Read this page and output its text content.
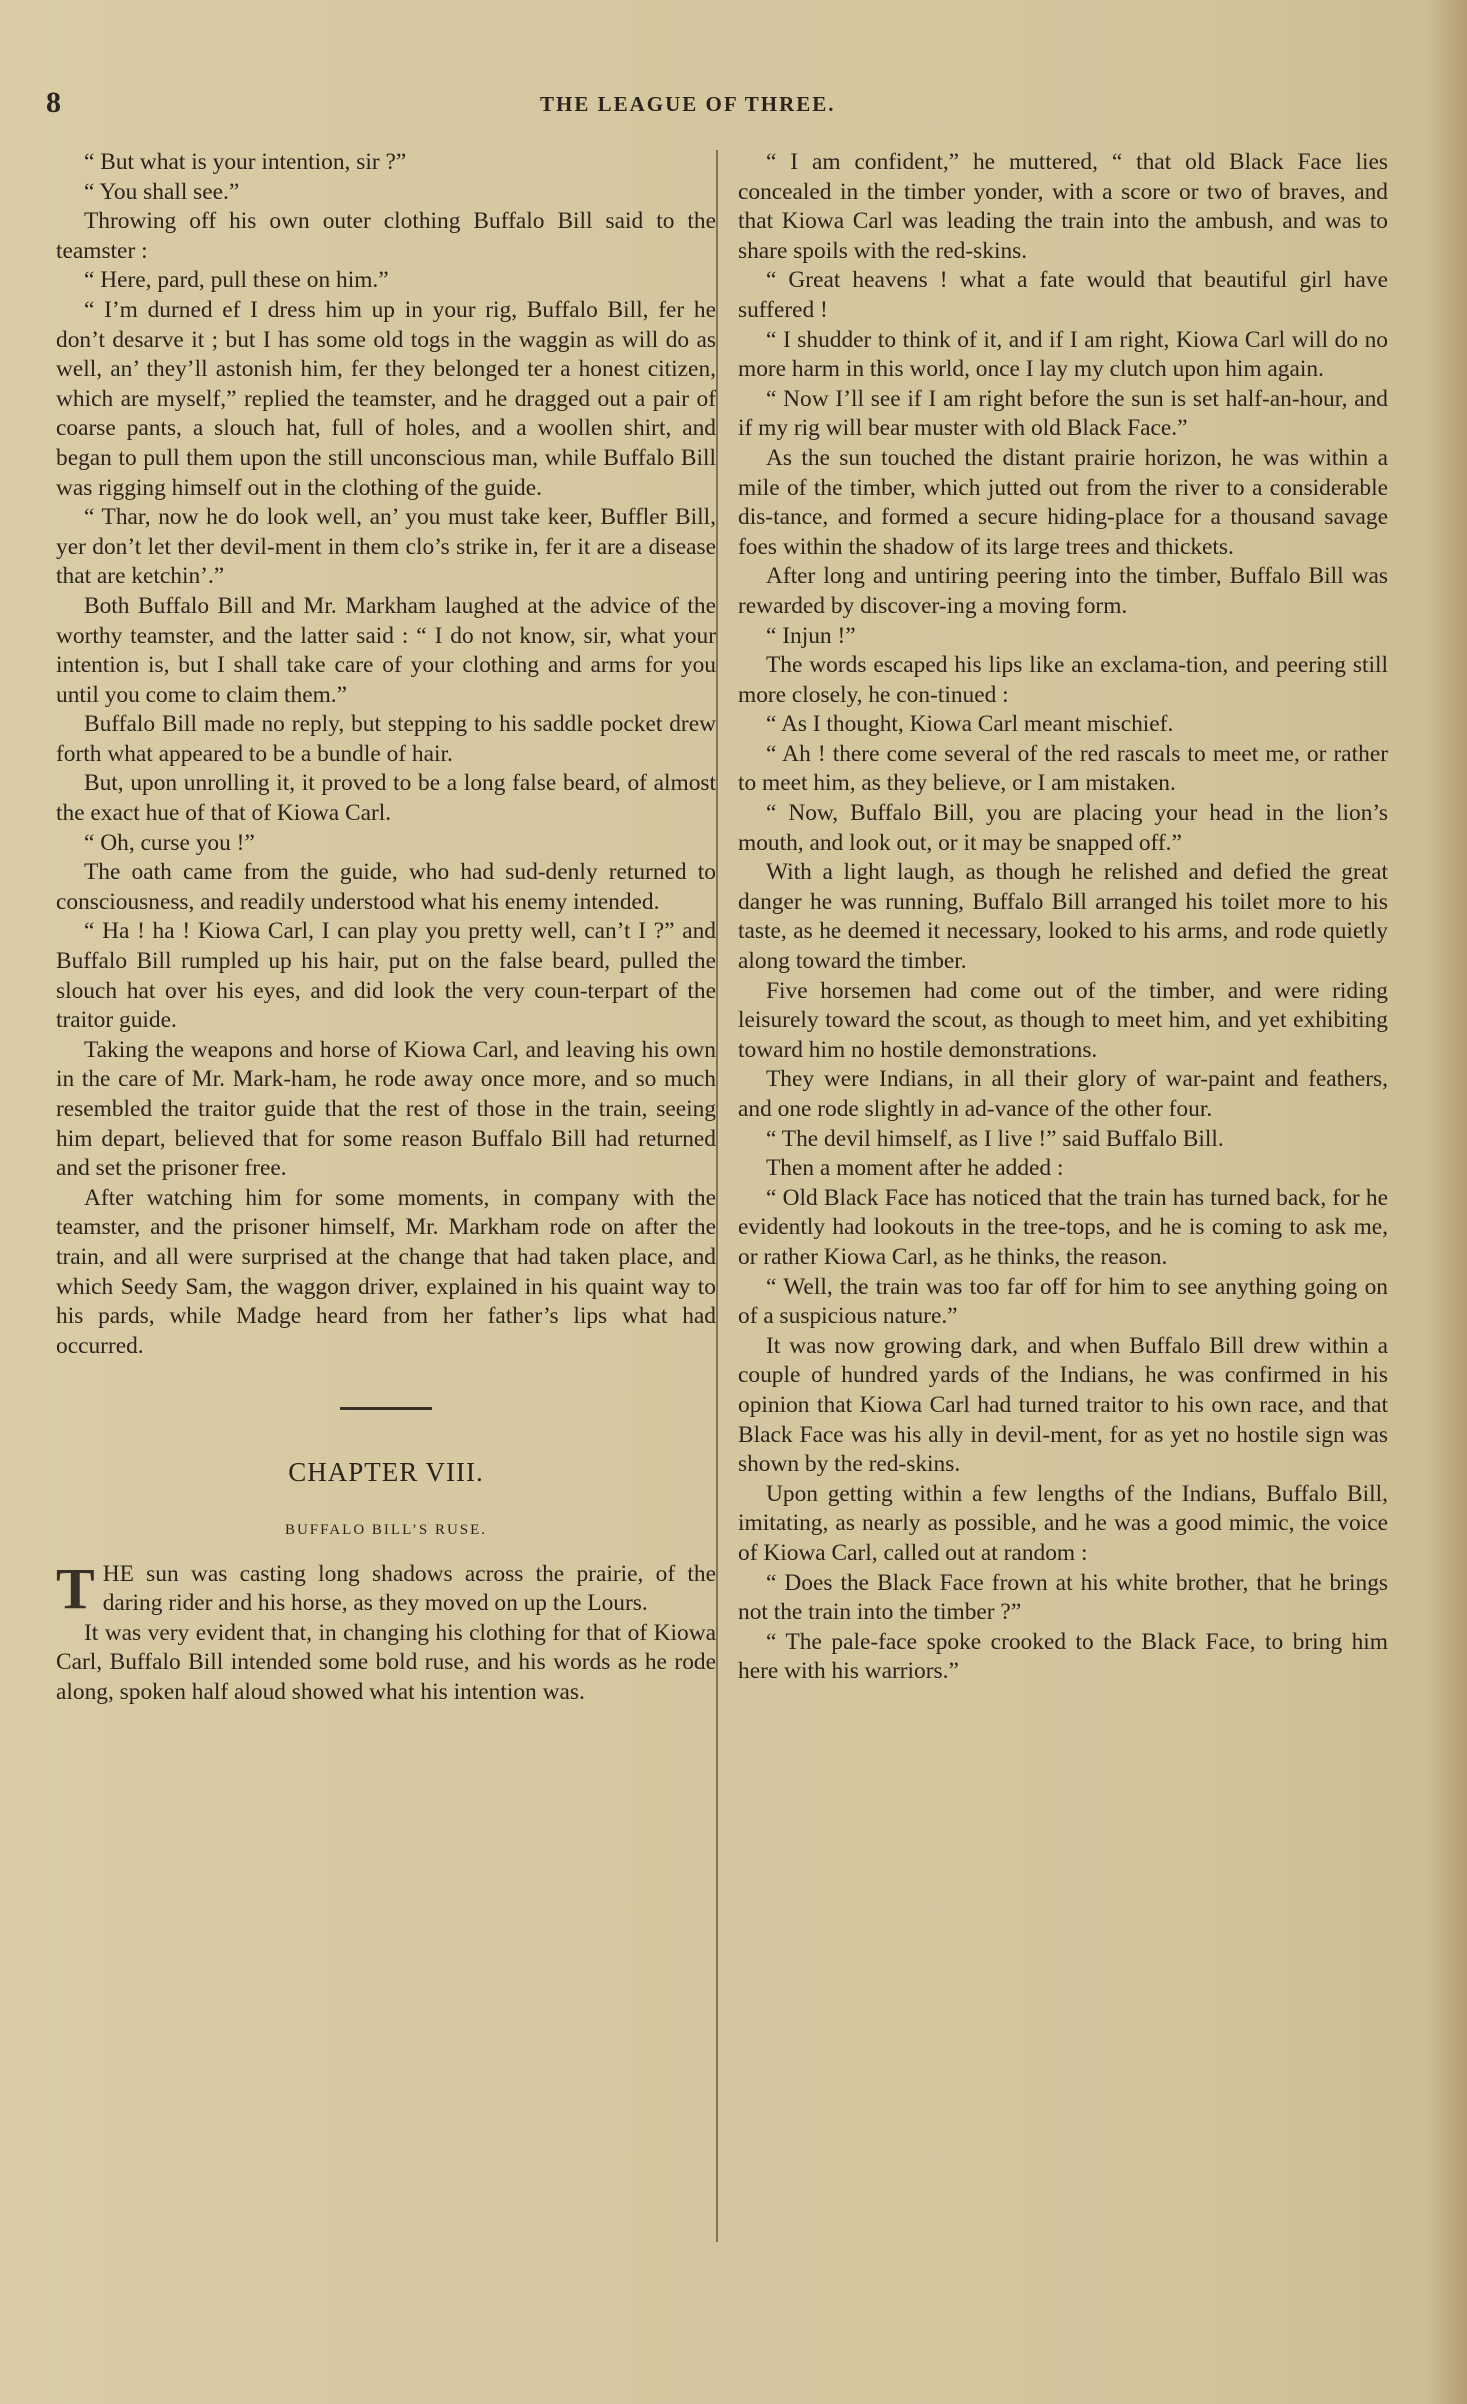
8	THE LEAGUE OF THREE.

“ But what is your intention, sir ?”

“ You shall see.”

Throwing off his own outer clothing Buffalo Bill said to the teamster :

“ Here, pard, pull these on him.”

“ I’m durned ef I dress him up in your rig, Buffalo Bill, fer he don’t desarve it ; but I has some old togs in the waggin as will do as well, an’ they’ll astonish him, fer they belonged ter a honest citizen, which are myself,” replied the teamster, and he dragged out a pair of coarse pants, a slouch hat, full of holes, and a woollen shirt, and began to pull them upon the still unconscious man, while Buffalo Bill was rigging himself out in the clothing of the guide.

“ Thar, now he do look well, an’ you must take keer, Buffler Bill, yer don’t let ther devil-ment in them clo’s strike in, fer it are a disease that are ketchin’.”

Both Buffalo Bill and Mr. Markham laughed at the advice of the worthy teamster, and the latter said : “ I do not know, sir, what your intention is, but I shall take care of your clothing and arms for you until you come to claim them.”

Buffalo Bill made no reply, but stepping to his saddle pocket drew forth what appeared to be a bundle of hair.

But, upon unrolling it, it proved to be a long false beard, of almost the exact hue of that of Kiowa Carl.

“ Oh, curse you !”

The oath came from the guide, who had sud-denly returned to consciousness, and readily understood what his enemy intended.

“ Ha ! ha ! Kiowa Carl, I can play you pretty well, can’t I ?” and Buffalo Bill rumpled up his hair, put on the false beard, pulled the slouch hat over his eyes, and did look the very coun-terpart of the traitor guide.

Taking the weapons and horse of Kiowa Carl, and leaving his own in the care of Mr. Mark-ham, he rode away once more, and so much resembled the traitor guide that the rest of those in the train, seeing him depart, believed that for some reason Buffalo Bill had returned and set the prisoner free.

After watching him for some moments, in company with the teamster, and the prisoner himself, Mr. Markham rode on after the train, and all were surprised at the change that had taken place, and which Seedy Sam, the waggon driver, explained in his quaint way to his pards, while Madge heard from her father’s lips what had occurred.

CHAPTER VIII.
BUFFALO BILL’S RUSE.

THE sun was casting long shadows across the prairie, of the daring rider and his horse, as they moved on up the Lours.

It was very evident that, in changing his clothing for that of Kiowa Carl, Buffalo Bill intended some bold ruse, and his words as he rode along, spoken half aloud showed what his intention was.

“ I am confident,” he muttered, “ that old Black Face lies concealed in the timber yonder, with a score or two of braves, and that Kiowa Carl was leading the train into the ambush, and was to share spoils with the red-skins.

“ Great heavens ! what a fate would that beautiful girl have suffered !

“ I shudder to think of it, and if I am right, Kiowa Carl will do no more harm in this world, once I lay my clutch upon him again.

“ Now I’ll see if I am right before the sun is set half-an-hour, and if my rig will bear muster with old Black Face.”

As the sun touched the distant prairie horizon, he was within a mile of the timber, which jutted out from the river to a considerable dis-tance, and formed a secure hiding-place for a thousand savage foes within the shadow of its large trees and thickets.

After long and untiring peering into the timber, Buffalo Bill was rewarded by discover-ing a moving form.

“ Injun !”

The words escaped his lips like an exclama-tion, and peering still more closely, he con-tinued :

“ As I thought, Kiowa Carl meant mischief.

“ Ah ! there come several of the red rascals to meet me, or rather to meet him, as they believe, or I am mistaken.

“ Now, Buffalo Bill, you are placing your head in the lion’s mouth, and look out, or it may be snapped off.”

With a light laugh, as though he relished and defied the great danger he was running, Buffalo Bill arranged his toilet more to his taste, as he deemed it necessary, looked to his arms, and rode quietly along toward the timber.

Five horsemen had come out of the timber, and were riding leisurely toward the scout, as though to meet him, and yet exhibiting toward him no hostile demonstrations.

They were Indians, in all their glory of war-paint and feathers, and one rode slightly in ad-vance of the other four.

“ The devil himself, as I live !” said Buffalo Bill.

Then a moment after he added :

“ Old Black Face has noticed that the train has turned back, for he evidently had lookouts in the tree-tops, and he is coming to ask me, or rather Kiowa Carl, as he thinks, the reason.

“ Well, the train was too far off for him to see anything going on of a suspicious nature.”

It was now growing dark, and when Buffalo Bill drew within a couple of hundred yards of the Indians, he was confirmed in his opinion that Kiowa Carl had turned traitor to his own race, and that Black Face was his ally in devil-ment, for as yet no hostile sign was shown by the red-skins.

Upon getting within a few lengths of the Indians, Buffalo Bill, imitating, as nearly as possible, and he was a good mimic, the voice of Kiowa Carl, called out at random :

“ Does the Black Face frown at his white brother, that he brings not the train into the timber ?”

“ The pale-face spoke crooked to the Black Face, to bring him here with his warriors.”
